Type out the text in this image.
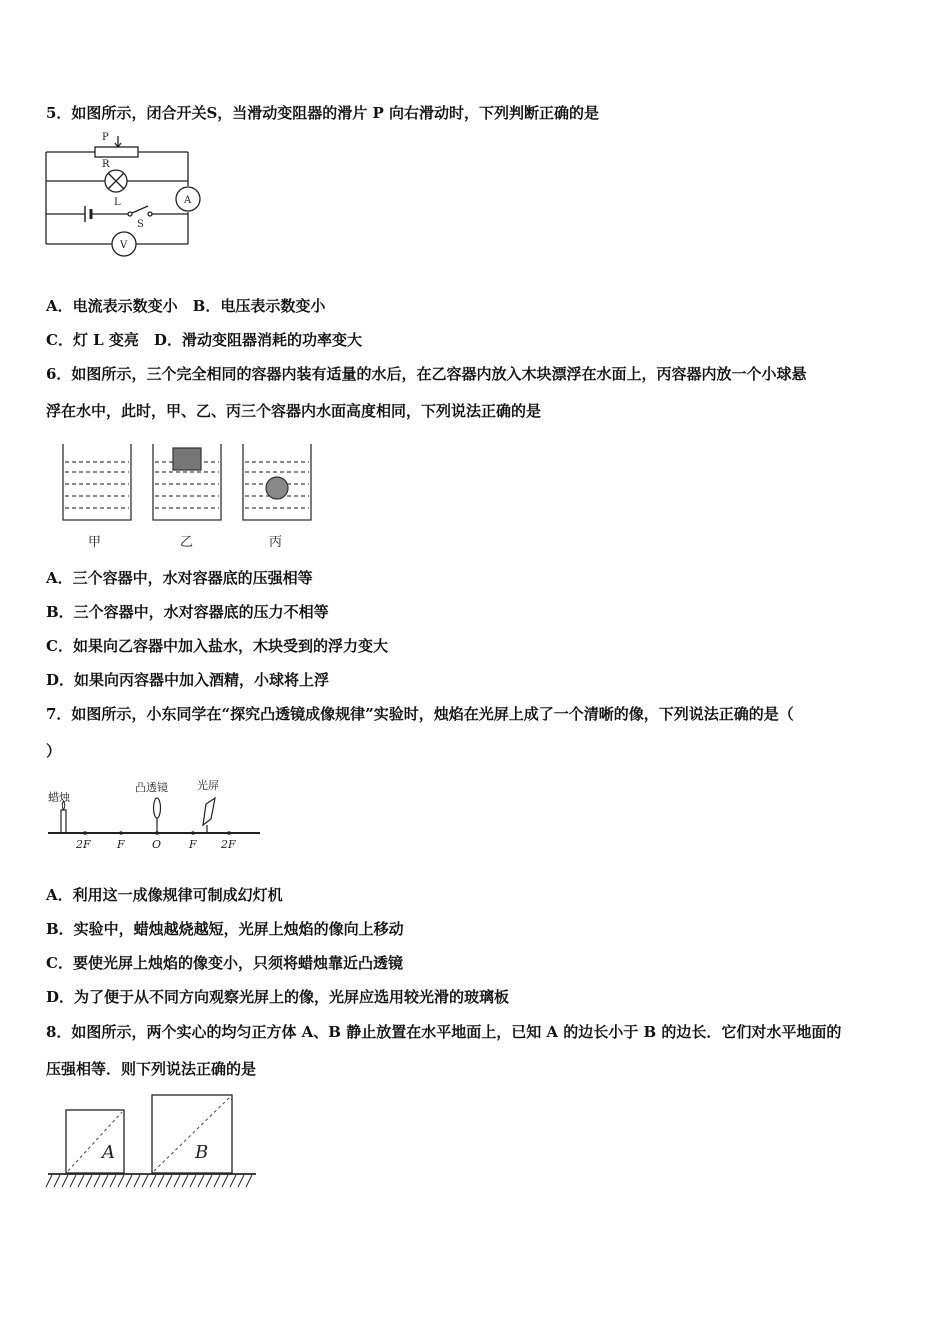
5．如图所示，闭合开关S，当滑动变阻器的滑片 P 向右滑动时，下列判断正确的是
P
R
L
S
A
V
A．电流表示数变小　B．电压表示数变小
C．灯 L 变亮　D．滑动变阻器消耗的功率变大
6．如图所示，三个完全相同的容器内装有适量的水后，在乙容器内放入木块漂浮在水面上，丙容器内放一个小球悬
浮在水中，此时，甲、乙、丙三个容器内水面高度相同，下列说法正确的是
甲	乙	丙
A．三个容器中，水对容器底的压强相等
B．三个容器中，水对容器底的压力不相等
C．如果向乙容器中加入盐水，木块受到的浮力变大
D．如果向丙容器中加入酒精，小球将上浮
7．如图所示，小东同学在“探究凸透镜成像规律”实验时，烛焰在光屏上成了一个清晰的像，下列说法正确的是（
）
蜡烛
凸透镜	光屏
2F F O	F 2F
A．利用这一成像规律可制成幻灯机
B．实验中，蜡烛越烧越短，光屏上烛焰的像向上移动
C．要使光屏上烛焰的像变小，只须将蜡烛靠近凸透镜
D．为了便于从不同方向观察光屏上的像，光屏应选用较光滑的玻璃板
8．如图所示，两个实心的均匀正方体 A、B 静止放置在水平地面上，已知 A 的边长小于 B 的边长．它们对水平地面的
压强相等．则下列说法正确的是
A	B
